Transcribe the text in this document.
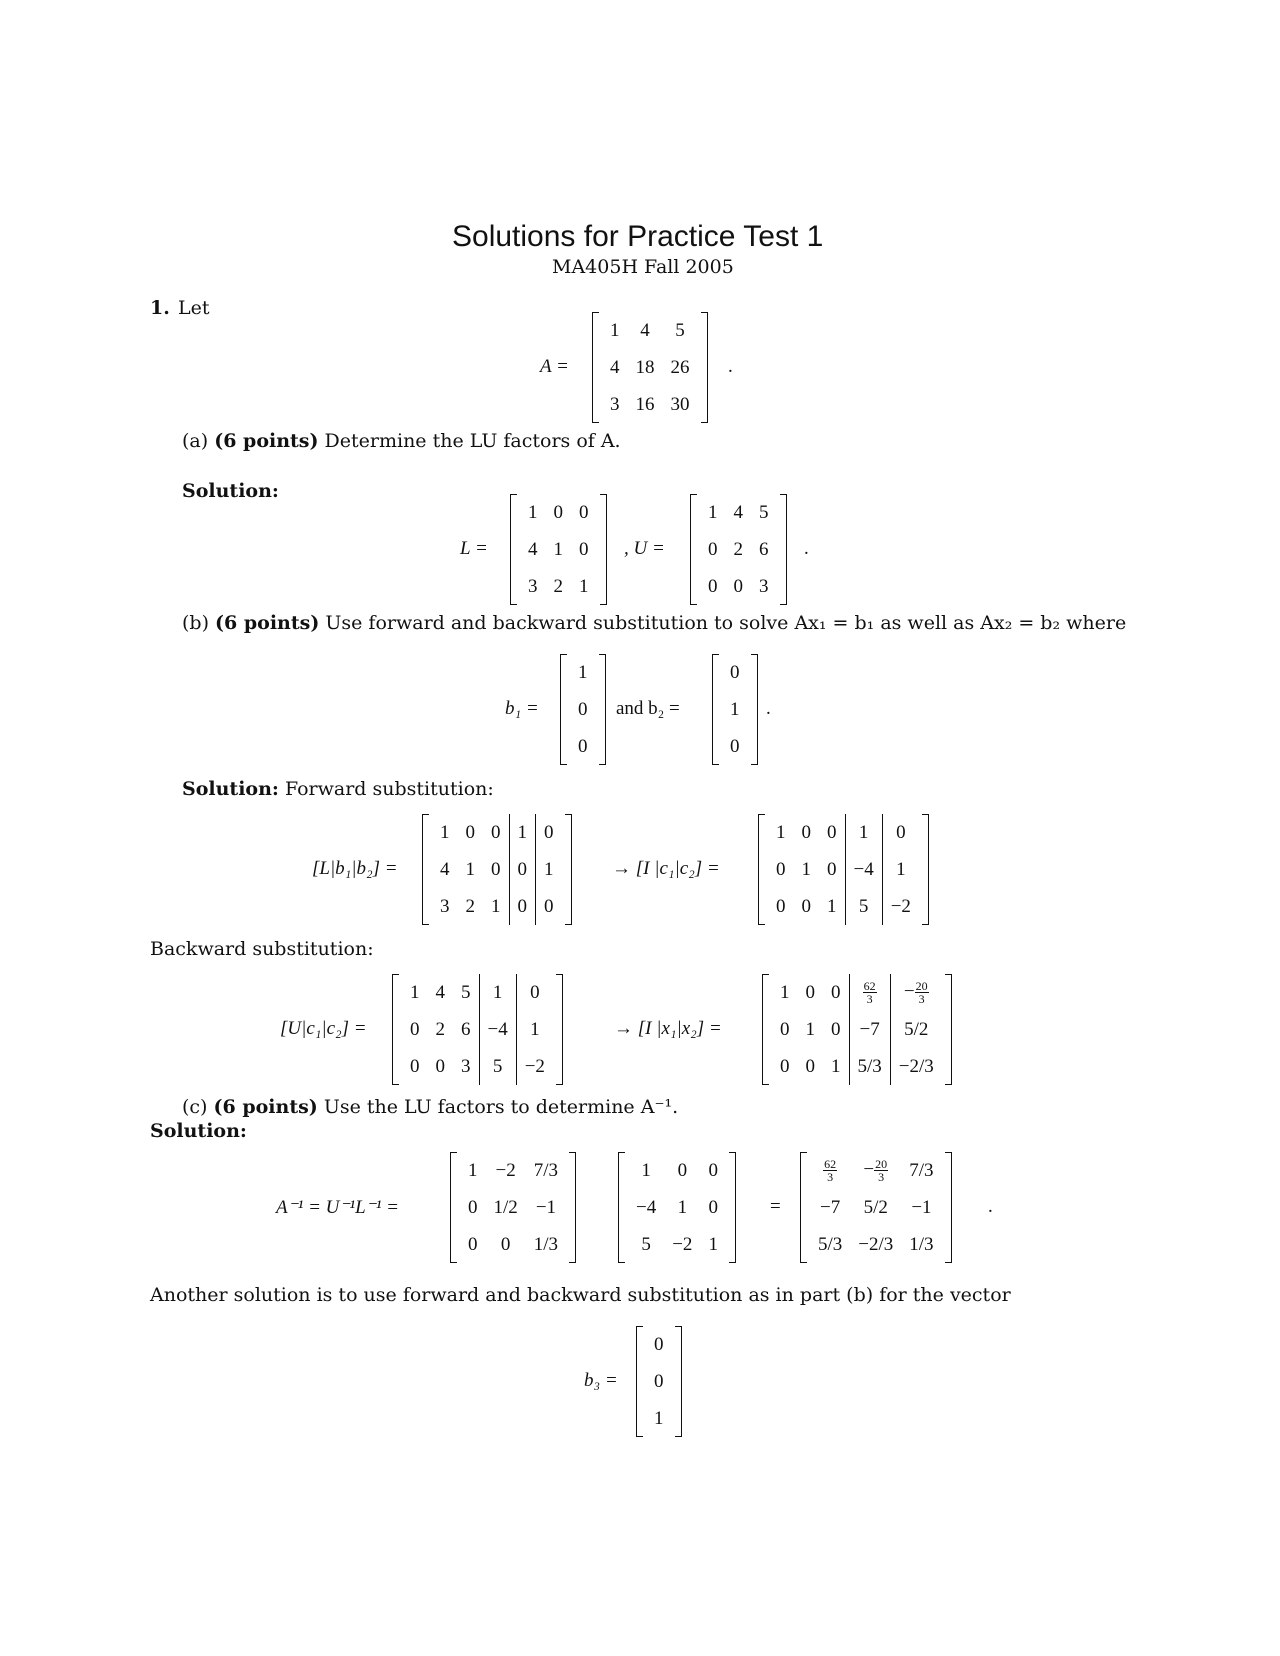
Solutions for Practice Test 1
MA405H Fall 2005
1. Let
A =
1	4	5
4	18	26
3	16	30
.
(a) (6 points) Determine the LU factors of A.
Solution:
L =
1	0	0
4	1	0
3	2	1
, U =
1	4	5
0	2	6
0	0	3
.
(b) (6 points) Use forward and backward substitution to solve Ax₁ = b₁ as well as Ax₂ = b₂ where
b₁ =
1
0
0
and b₂ =
0
1
0
.
Solution: Forward substitution:
[L|b₁|b₂] =
1	0	0	1	0
4	1	0	0	1
3	2	1	0	0
→ [I |c₁|c₂] =
1	0	0	1	0
0	1	0	−4	1
0	0	1	5	−2
Backward substitution:
[U|c₁|c₂] =
1	4	5	1	0
0	2	6	−4	1
0	0	3	5	−2
→ [I |x₁|x₂] =
1	0	0	$\frac{62}{3}$	− $\frac{20}{3}$

0	1	0	−7	5/2
0	0	1	5/3	−2/3
(c) (6 points) Use the LU factors to determine A⁻¹.
Solution:
A⁻¹ = U⁻¹L⁻¹ =
1	−2	7/3
0	1/2	−1
0	0	1/3
1	0	0
−4	1	0
5	−2	1
=
$\frac{62}{3}$	− $\frac{20}{3}$	7/3
−7	5/2	−1
5/3	−2/3	1/3
.
Another solution is to use forward and backward substitution as in part (b) for the vector
b₃ =
0
0
1
